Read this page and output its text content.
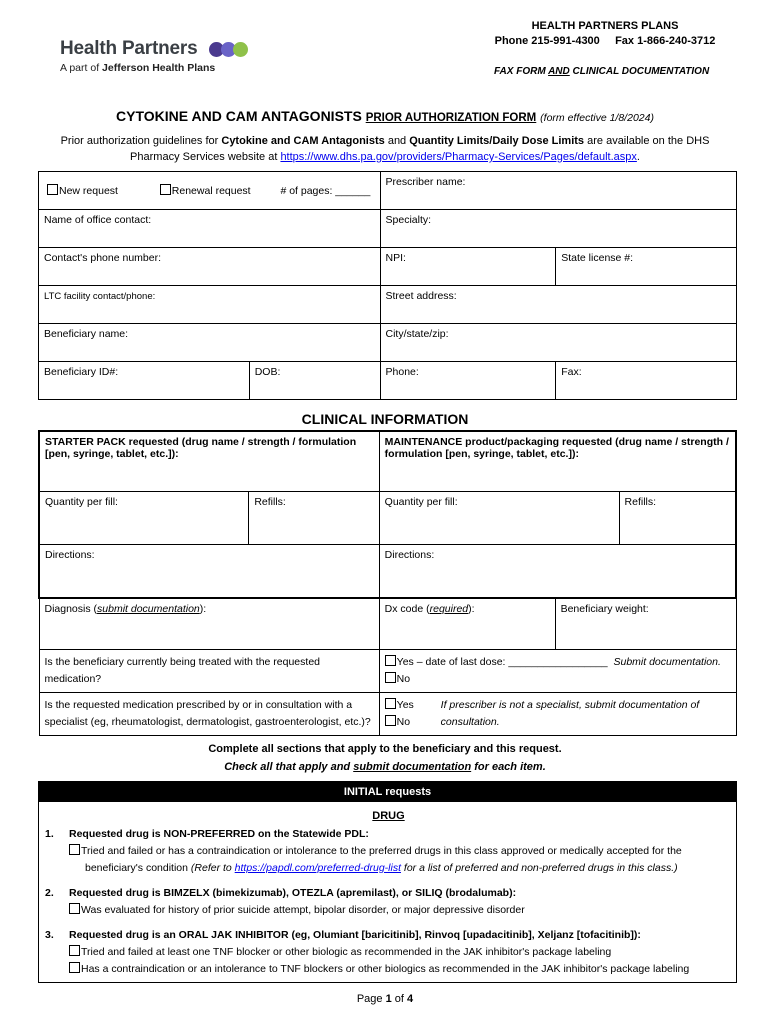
Health Partners
A part of Jefferson Health Plans
HEALTH PARTNERS PLANS
Phone 215-991-4300 Fax 1-866-240-3712
FAX FORM AND CLINICAL DOCUMENTATION
CYTOKINE AND CAM ANTAGONISTS PRIOR AUTHORIZATION FORM (form effective 1/8/2024)
Prior authorization guidelines for Cytokine and CAM Antagonists and Quantity Limits/Daily Dose Limits are available on the DHS
Pharmacy Services website at https://www.dhs.pa.gov/providers/Pharmacy-Services/Pages/default.aspx.
New request Renewal request # of pages: ______		Prescriber name:	
Name of office contact:		Specialty:	
Contact's phone number:		NPI:	State license #:
LTC facility contact/phone:		Street address:	
Beneficiary name:		City/state/zip:	
Beneficiary ID#:	DOB:	Phone:	Fax:
CLINICAL INFORMATION
STARTER PACK requested (drug name / strength / formulation [pen, syringe, tablet, etc.]):		MAINTENANCE product/packaging requested (drug name / strength / formulation [pen, syringe, tablet, etc.]):		
Quantity per fill:	Refills:	Quantity per fill:		Refills:
Directions:		Directions:		
Diagnosis (submit documentation):		Dx code (required):	Beneficiary weight:	
Is the beneficiary currently being treated with the requested medication?		Yes – date of last dose: _________________ Submit documentation.
No		

Is the requested medication prescribed by or in consultation with a specialist (eg, rheumatologist, dermatologist, gastroenterologist, etc.)?		Yes
No
If prescriber is not a specialist, submit documentation of consultation.		
Complete all sections that apply to the beneficiary and this request.
Check all that apply and submit documentation for each item.
INITIAL requests
DRUG
1. Requested drug is NON-PREFERRED on the Statewide PDL:
Tried and failed or has a contraindication or intolerance to the preferred drugs in this class approved or medically accepted for the
beneficiary's condition (Refer to https://papdl.com/preferred-drug-list for a list of preferred and non-preferred drugs in this class.)
2. Requested drug is BIMZELX (bimekizumab), OTEZLA (apremilast), or SILIQ (brodalumab):
Was evaluated for history of prior suicide attempt, bipolar disorder, or major depressive disorder
3. Requested drug is an ORAL JAK INHIBITOR (eg, Olumiant [baricitinib], Rinvoq [upadacitinib], Xeljanz [tofacitinib]):
Tried and failed at least one TNF blocker or other biologic as recommended in the JAK inhibitor's package labeling
Has a contraindication or an intolerance to TNF blockers or other biologics as recommended in the JAK inhibitor's package labeling
Page 1 of 4
